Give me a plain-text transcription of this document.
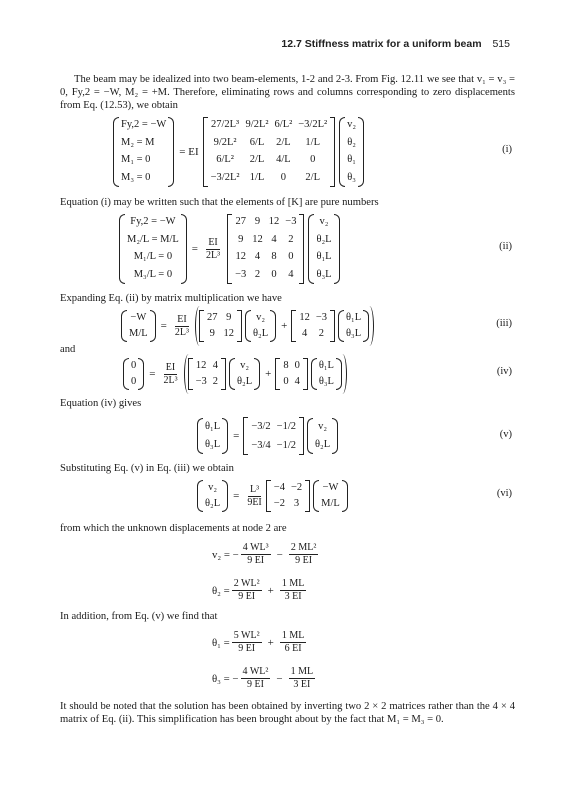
12.7 Stiffness matrix for a uniform beam 515
The beam may be idealized into two beam-elements, 1-2 and 2-3. From Fig. 12.11 we see that v₁ = v₃ = 0, Fy,2 = −W, M₂ = +M. Therefore, eliminating rows and columns corresponding to zero displacements from Eq. (12.53), we obtain
Fy,2 = −W
M₂ = M
M₁ = 0
M₃ = 0
= EI
27/2L³ 9/2L² 6/L² −3/2L²
9/2L²	6/L	2/L	1/L
6/L²	2/L	4/L	0
−3/2L² 1/L	0	2/L
v₂
θ₂
θ₁
θ₃
(i)
Equation (i) may be written such that the elements of [K] are pure numbers
Fy,2 = −W
M₂/L = M/L
M₁/L = 0
M₃/L = 0
= $\frac{EI}{\text{2L³}}$
27 9 12 −3
9 12 4	2
12 4	8	0
−3 2	0	4
v₂
θ₂L
θ₁L
θ₃L
(ii)
Expanding Eq. (ii) by matrix multiplication we have
−W
M/L
= $\frac{EI}{\text{2L³}} 27$ 9
9 12
v₂
θ₂L
+
12 −3
4	2
θ₁L
θ₃L
(iii)
and
0
0
= $\frac{EI}{\text{2L³}}$	12 4
−3 2
v₂
θ₂L
+
8 0
0 4
θ₁L
θ₃L
(iv)
Equation (iv) gives
θ₁L
θ₃L
=
−3/2 −1/2
−3/4 −1/2
v₂
θ₂L
(v)
Substituting Eq. (v) in Eq. (iii) we obtain
v₂
θ₂L
= $\frac{\text{L³}}{9EI} -4 -2$
−2 3
−W
M/L
(vi)
from which the unknown displacements at node 2 are
v₂ = − $\frac{\text{4 WL³}}{9 EI} - \frac{\text{2 ML²}}{9 EI}$
$\theta_2 = \frac{\text{2 WL²}}{9 EI} + \frac{1 ML}{3 EI}$
In addition, from Eq. (v) we find that
$\theta_1 = \frac{\text{5 WL²}}{9 EI} + \frac{1 ML}{6 EI}$
θ₃ = − $\frac{\text{4 WL²}}{9 EI} - \frac{1 ML}{3 EI}$
It should be noted that the solution has been obtained by inverting two 2 × 2 matrices rather than the 4 × 4 matrix of Eq. (ii). This simplification has been brought about by the fact that M₁ = M₃ = 0.
